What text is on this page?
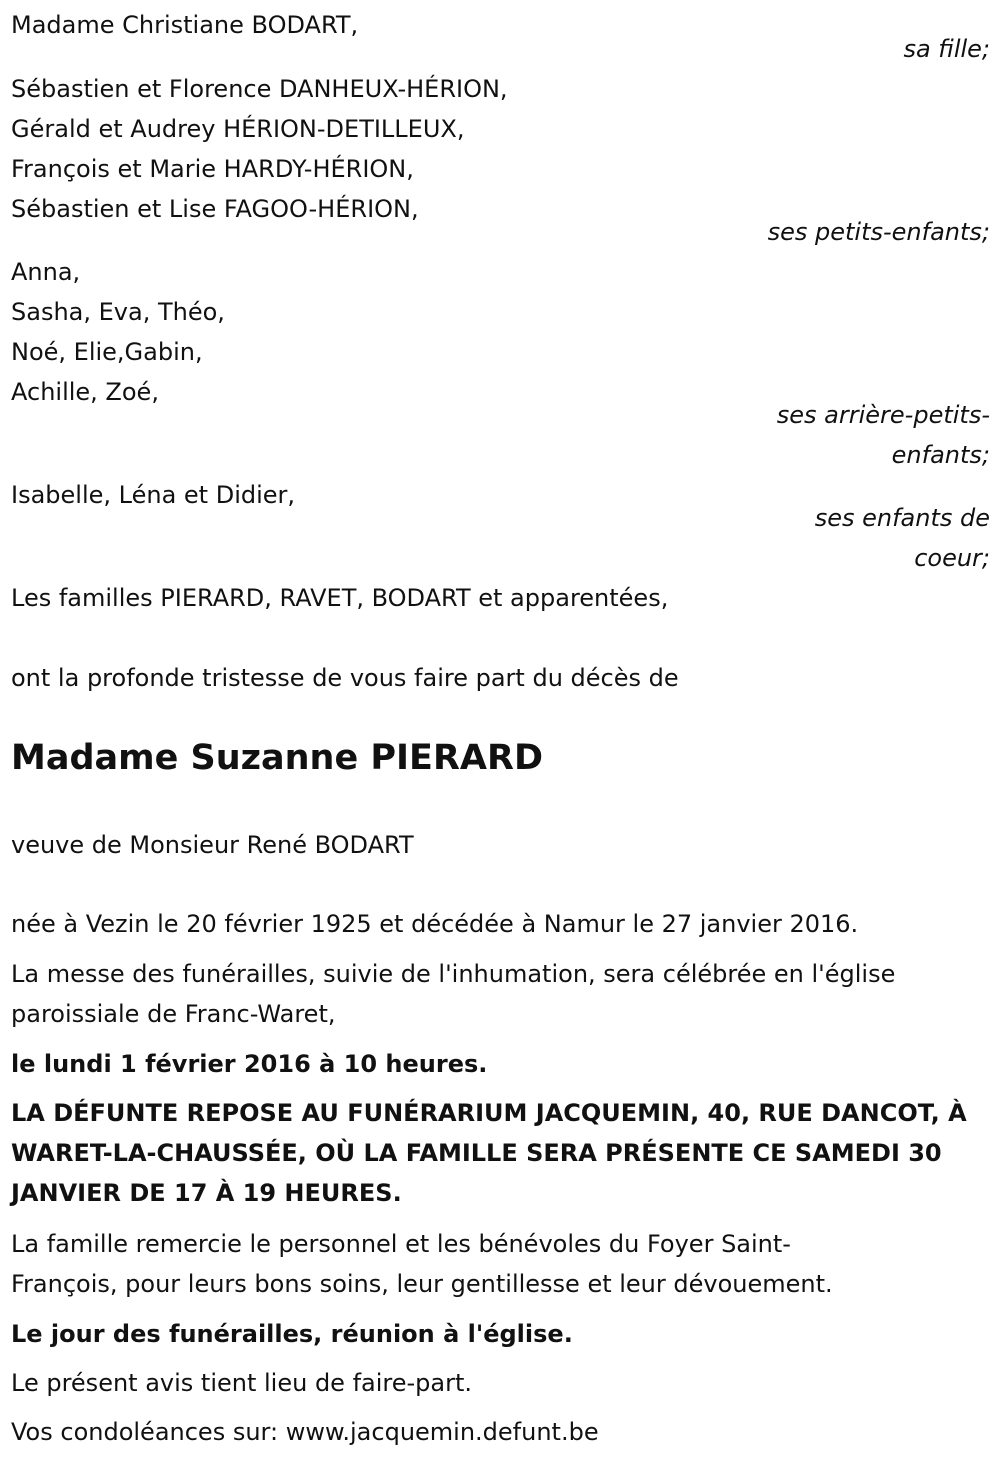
Madame Christiane BODART,
sa fille;
Sébastien et Florence DANHEUX-HÉRION,
Gérald et Audrey HÉRION-DETILLEUX,
François et Marie HARDY-HÉRION,
Sébastien et Lise FAGOO-HÉRION,
ses petits-enfants;
Anna,
Sasha, Eva, Théo,
Noé, Elie,Gabin,
Achille, Zoé,
ses arrière-petits-
enfants;
Isabelle, Léna et Didier,
ses enfants de
coeur;
Les familles PIERARD, RAVET, BODART et apparentées,
ont la profonde tristesse de vous faire part du décès de
Madame Suzanne PIERARD
veuve de Monsieur René BODART
née à Vezin le 20 février 1925 et décédée à Namur le 27 janvier 2016.
La messe des funérailles, suivie de l'inhumation, sera célébrée en l'église
paroissiale de Franc-Waret,
le lundi 1 février 2016 à 10 heures.
LA DÉFUNTE REPOSE AU FUNÉRARIUM JACQUEMIN, 40, RUE DANCOT, À
WARET-LA-CHAUSSÉE, OÙ LA FAMILLE SERA PRÉSENTE CE SAMEDI 30
JANVIER DE 17 À 19 HEURES.
La famille remercie le personnel et les bénévoles du Foyer Saint-
François, pour leurs bons soins, leur gentillesse et leur dévouement.
Le jour des funérailles, réunion à l'église.
Le présent avis tient lieu de faire-part.
Vos condoléances sur: www.jacquemin.defunt.be
